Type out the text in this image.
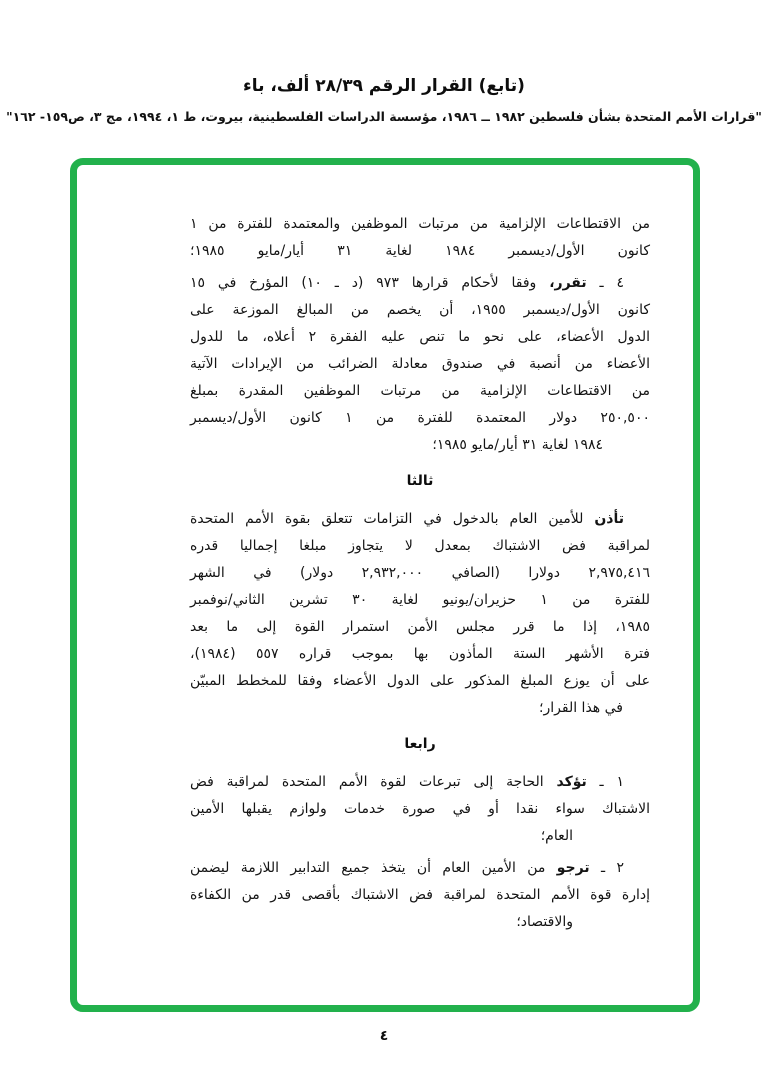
(تابع) القرار الرقم ٢٨/٣٩ ألف، باء
"قرارات الأمم المتحدة بشأن فلسطين ١٩٨٢ ــ ١٩٨٦، مؤسسة الدراسات الفلسطينية، بيروت، ط ١، ١٩٩٤، مج ٣، ص١٥٩- ١٦٢"
من الاقتطاعات الإلزامية من مرتبات الموظفين والمعتمدة للفترة من ١
كانون الأول/ديسمبر ١٩٨٤ لغاية ٣١ أيار/مايو ١٩٨٥؛
٤ ـ تقرر، وفقا لأحكام قرارها ٩٧٣ (د ـ ١٠) المؤرخ في ١٥
كانون الأول/ديسمبر ١٩٥٥، أن يخصم من المبالغ الموزعة على
الدول الأعضاء، على نحو ما تنص عليه الفقرة ٢ أعلاه، ما للدول
الأعضاء من أنصبة في صندوق معادلة الضرائب من الإيرادات الآتية
من الاقتطاعات الإلزامية من مرتبات الموظفين المقدرة بمبلغ
٢٥٠,٥٠٠ دولار المعتمدة للفترة من ١ كانون الأول/ديسمبر
١٩٨٤ لغاية ٣١ أيار/مايو ١٩٨٥؛
ثالثا
تأذن للأمين العام بالدخول في التزامات تتعلق بقوة الأمم المتحدة
لمراقبة فض الاشتباك بمعدل لا يتجاوز مبلغا إجماليا قدره
٢,٩٧٥,٤١٦ دولارا (الصافي ٢,٩٣٢,٠٠٠ دولار) في الشهر
للفترة من ١ حزيران/يونيو لغاية ٣٠ تشرين الثاني/نوفمبر
١٩٨٥، إذا ما قرر مجلس الأمن استمرار القوة إلى ما بعد
فترة الأشهر الستة المأذون بها بموجب قراره ٥٥٧ (١٩٨٤)،
على أن يوزع المبلغ المذكور على الدول الأعضاء وفقا للمخطط المبيّن
في هذا القرار؛
رابعا
١ ـ تؤكد الحاجة إلى تبرعات لقوة الأمم المتحدة لمراقبة فض
الاشتباك سواء نقدا أو في صورة خدمات ولوازم يقبلها الأمين
العام؛
٢ ـ ترجو من الأمين العام أن يتخذ جميع التدابير اللازمة ليضمن
إدارة قوة الأمم المتحدة لمراقبة فض الاشتباك بأقصى قدر من الكفاءة
والاقتصاد؛
٤
